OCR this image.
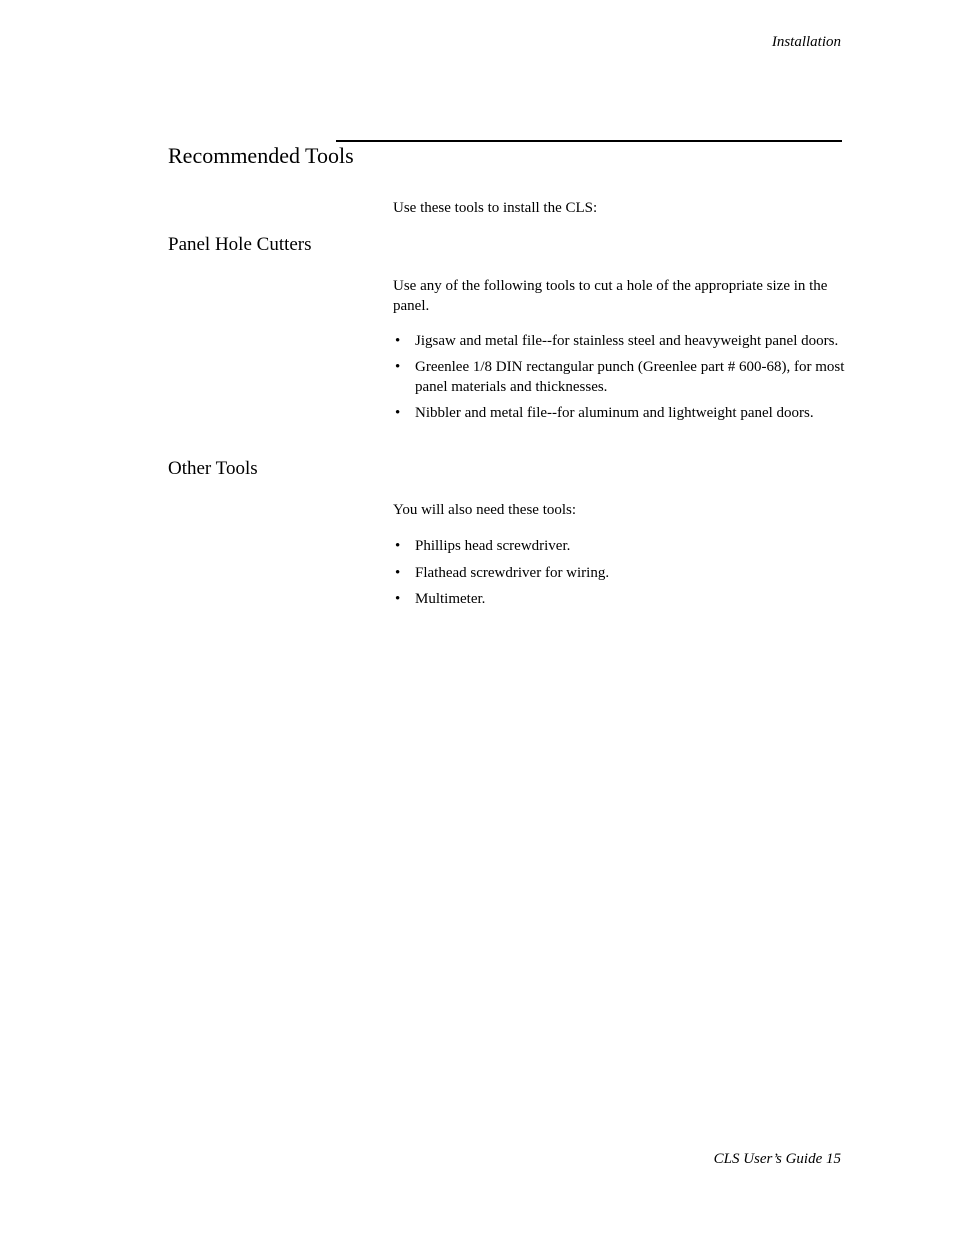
Installation
Recommended Tools

Use these tools to install the CLS:

Panel Hole Cutters

Use any of the following tools to cut a hole of the appropriate size in the panel.

• Jigsaw and metal file--for stainless steel and heavyweight panel doors.
• Greenlee 1/8 DIN rectangular punch (Greenlee part # 600-68), for most panel materials and thicknesses.
• Nibbler and metal file--for aluminum and lightweight panel doors.
Other Tools

You will also need these tools:

• Phillips head screwdriver.
• Flathead screwdriver for wiring.
• Multimeter.
CLS User’s Guide 15
